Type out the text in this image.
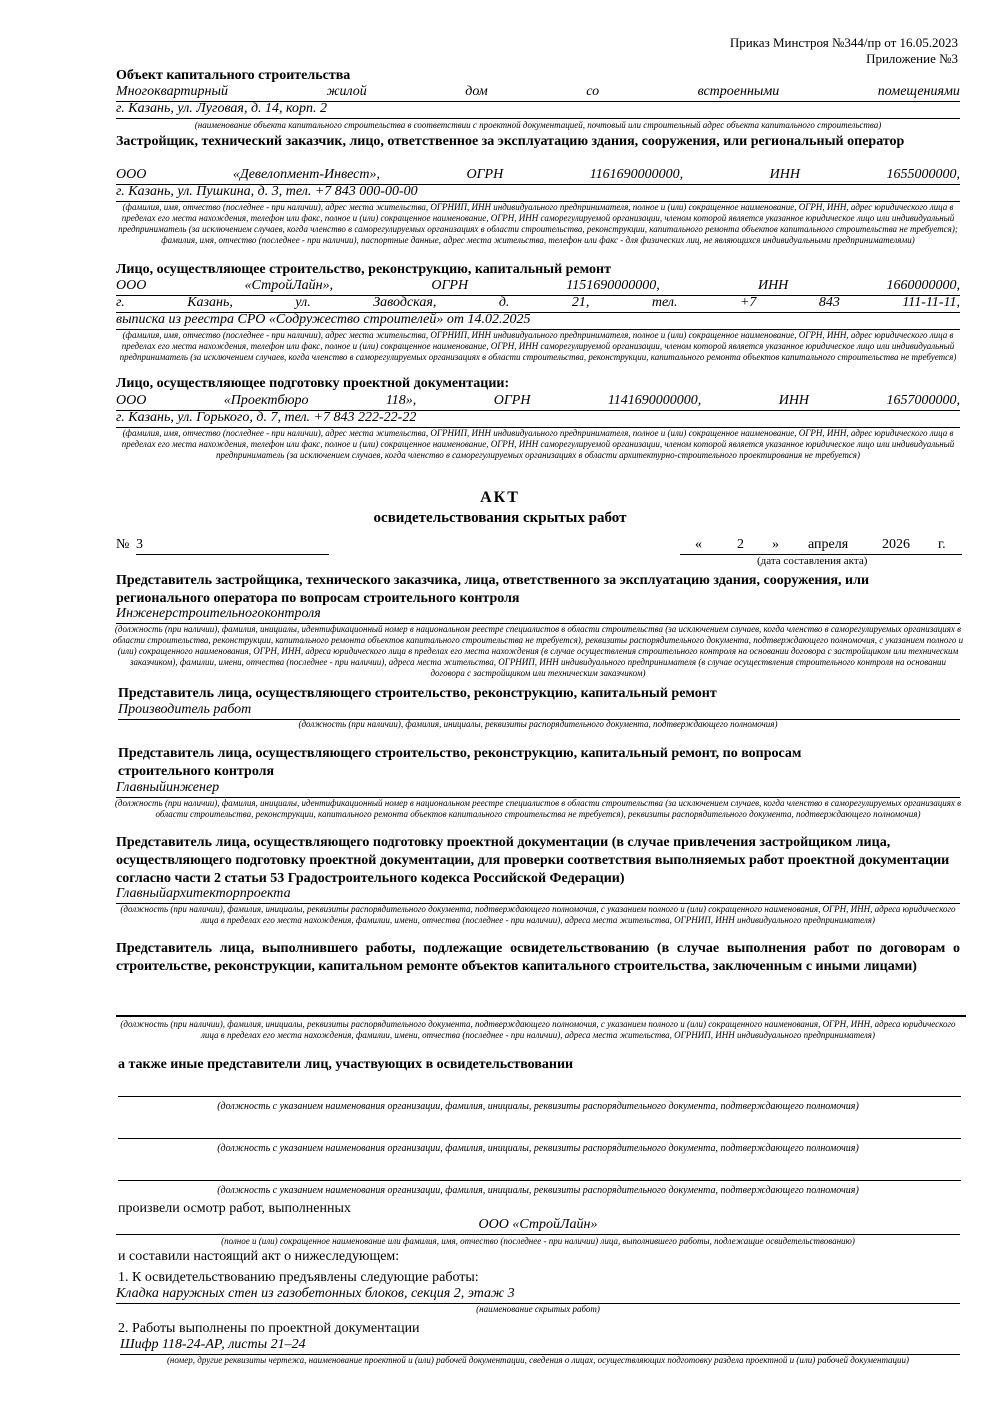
Приказ Минстроя №344/пр от 16.05.2023
Приложение №3
Объект капитального строительства
Многоквартирный	жилой	дом	со	встроенными	помещениями
г. Казань, ул. Луговая, д. 14, корп. 2
(наименование объекта капитального строительства в соответствии с проектной документацией, почтовый или строительный адрес объекта капитального строительства)
Застройщик, технический заказчик, лицо, ответственное за эксплуатацию здания, сооружения, или региональный оператор
ООО	«Девелопмент-Инвест»,	ОГРН	1161690000000,	ИНН	1655000000,
г. Казань, ул. Пушкина, д. 3, тел. +7 843 000-00-00
(фамилия, имя, отчество (последнее - при наличии), адрес места жительства, ОГРНИП, ИНН индивидуального предпринимателя, полное и (или) сокращенное наименование, ОГРН, ИНН, адрес юридического лица в пределах его места нахождения, телефон или факс, полное и (или) сокращенное наименование, ОГРН, ИНН саморегулируемой организации, членом которой является указанное юридическое лицо или индивидуальный предприниматель (за исключением случаев, когда членство в саморегулируемых организациях в области строительства, реконструкции, капитального ремонта объектов капитального строительства не требуется); фамилия, имя, отчество (последнее - при наличии), паспортные данные, адрес места жительства, телефон или факс - для физических лиц, не являющихся индивидуальными предпринимателями)
Лицо, осуществляющее строительство, реконструкцию, капитальный ремонт
ООО	«СтройЛайн»,	ОГРН	1151690000000,	ИНН	1660000000,
г.	Казань,	ул.	Заводская,	д.	21,	тел.	+7	843	111-11-11,
выписка из реестра СРО «Содружество строителей» от 14.02.2025
(фамилия, имя, отчество (последнее - при наличии), адрес места жительства, ОГРНИП, ИНН индивидуального предпринимателя, полное и (или) сокращенное наименование, ОГРН, ИНН, адрес юридического лица в пределах его места нахождения, телефон или факс, полное и (или) сокращенное наименование, ОГРН, ИНН саморегулируемой организации, членом которой является указанное юридическое лицо или индивидуальный предприниматель (за исключением случаев, когда членство в саморегулируемых организациях в области строительства, реконструкции, капитального ремонта объектов капитального строительства не требуется)
Лицо, осуществляющее подготовку проектной документации:
ООО	«Проектбюро	118»,	ОГРН	1141690000000,	ИНН	1657000000,
г. Казань, ул. Горького, д. 7, тел. +7 843 222-22-22
(фамилия, имя, отчество (последнее - при наличии), адрес места жительства, ОГРНИП, ИНН индивидуального предпринимателя, полное и (или) сокращенное наименование, ОГРН, ИНН, адрес юридического лица в пределах его места нахождения, телефон или факс, полное и (или) сокращенное наименование, ОГРН, ИНН саморегулируемой организации, членом которой является указанное юридическое лицо или индивидуальный предприниматель (за исключением случаев, когда членство в саморегулируемых организациях в области архитектурно-строительного проектирования не требуется)
АКТ
освидетельствования скрытых работ
№ 3	«	2 » апреля 2026 г.
(дата составления акта)
Представитель застройщика, технического заказчика, лица, ответственного за эксплуатацию здания, сооружения, или регионального оператора по вопросам строительного контроля
Инженерстроительногоконтроля
(должность (при наличии), фамилия, инициалы, идентификационный номер в национальном реестре специалистов в области строительства (за исключением случаев, когда членство в саморегулируемых организациях в области строительства, реконструкции, капитального ремонта объектов капитального строительства не требуется), реквизиты распорядительного документа, подтверждающего полномочия, с указанием полного и (или) сокращенного наименования, ОГРН, ИНН, адреса юридического лица в пределах его места нахождения (в случае осуществления строительного контроля на основании договора с застройщиком или техническим заказчиком), фамилии, имени, отчества (последнее - при наличии), адреса места жительства, ОГРНИП, ИНН индивидуального предпринимателя (в случае осуществления строительного контроля на основании договора с застройщиком или техническим заказчиком)
Представитель лица, осуществляющего строительство, реконструкцию, капитальный ремонт
Производитель работ
(должность (при наличии), фамилия, инициалы, реквизиты распорядительного документа, подтверждающего полномочия)
Представитель лица, осуществляющего строительство, реконструкцию, капитальный ремонт, по вопросам строительного контроля
Главныйинженер
(должность (при наличии), фамилия, инициалы, идентификационный номер в национальном реестре специалистов в области строительства (за исключением случаев, когда членство в саморегулируемых организациях в области строительства, реконструкции, капитального ремонта объектов капитального строительства не требуется), реквизиты распорядительного документа, подтверждающего полномочия)
Представитель лица, осуществляющего подготовку проектной документации (в случае привлечения застройщиком лица, осуществляющего подготовку проектной документации, для проверки соответствия выполняемых работ проектной документации согласно части 2 статьи 53 Градостроительного кодекса Российской Федерации)
Главныйархитекторпроекта
(должность (при наличии), фамилия, инициалы, реквизиты распорядительного документа, подтверждающего полномочия, с указанием полного и (или) сокращенного наименования, ОГРН, ИНН, адреса юридического лица в пределах его места нахождения, фамилии, имени, отчества (последнее - при наличии), адреса места жительства, ОГРНИП, ИНН индивидуального предпринимателя)
Представитель лица, выполнившего работы, подлежащие освидетельствованию (в случае выполнения работ по договорам о строительстве, реконструкции, капитальном ремонте объектов капитального строительства, заключенным с иными лицами)
(должность (при наличии), фамилия, инициалы, реквизиты распорядительного документа, подтверждающего полномочия, с указанием полного и (или) сокращенного наименования, ОГРН, ИНН, адреса юридического лица в пределах его места нахождения, фамилии, имени, отчества (последнее - при наличии), адреса места жительства, ОГРНИП, ИНН индивидуального предпринимателя)
а также иные представители лиц, участвующих в освидетельствовании
(должность с указанием наименования организации, фамилия, инициалы, реквизиты распорядительного документа, подтверждающего полномочия)
(должность с указанием наименования организации, фамилия, инициалы, реквизиты распорядительного документа, подтверждающего полномочия)
(должность с указанием наименования организации, фамилия, инициалы, реквизиты распорядительного документа, подтверждающего полномочия)
произвели осмотр работ, выполненных
ООО «СтройЛайн»
(полное и (или) сокращенное наименование или фамилия, имя, отчество (последнее - при наличии) лица, выполнившего работы, подлежащие освидетельствованию)
и составили настоящий акт о нижеследующем:
1. К освидетельствованию предъявлены следующие работы:
Кладка наружных стен из газобетонных блоков, секция 2, этаж 3
(наименование скрытых работ)
2. Работы выполнены по проектной документации
Шифр 118-24-АР, листы 21–24
(номер, другие реквизиты чертежа, наименование проектной и (или) рабочей документации, сведения о лицах, осуществляющих подготовку раздела проектной и (или) рабочей документации)
